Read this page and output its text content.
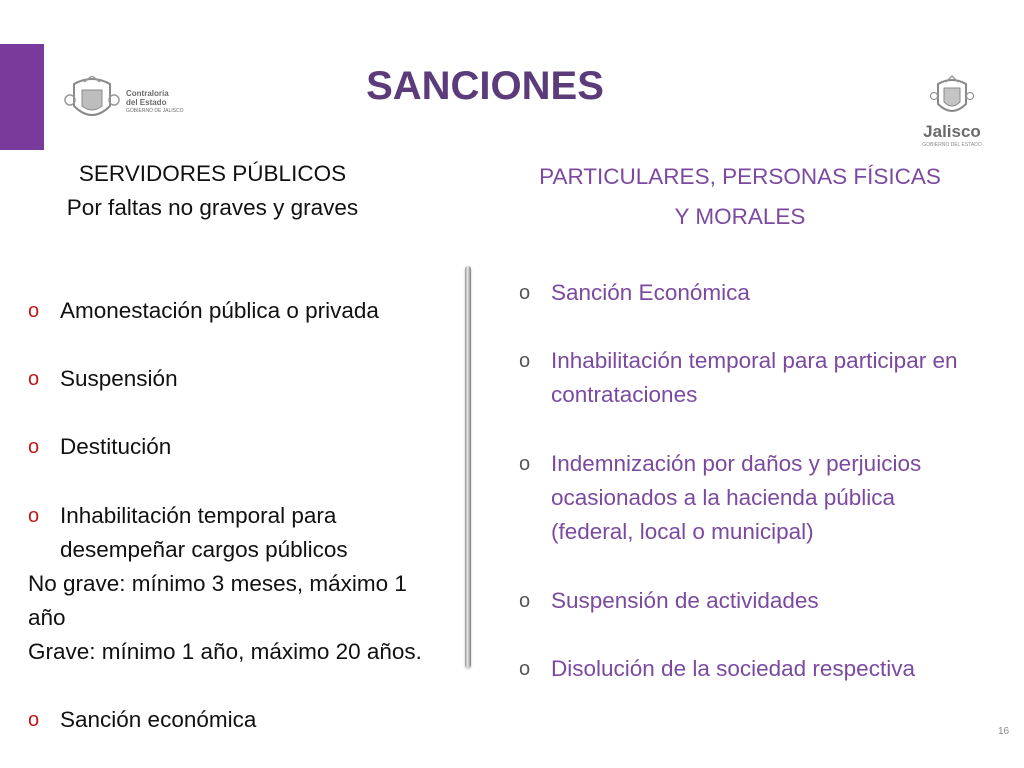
Contraloría
del Estado
GOBIERNO DE JALISCO
SANCIONES
Jalisco
GOBIERNO DEL ESTADO
SERVIDORES PÚBLICOS
Por faltas no graves y graves
PARTICULARES, PERSONAS FÍSICAS
Y MORALES
o Amonestación pública o privada
o Suspensión
o Destitución
o Inhabilitación temporal para desempeñar cargos públicos
No grave: mínimo 3 meses, máximo 1 año
Grave: mínimo 1 año, máximo 20 años.
o Sanción económica
o Sanción Económica
o Inhabilitación temporal para participar en contrataciones
o Indemnización por daños y perjuicios ocasionados a la hacienda pública (federal, local o municipal)
o Suspensión de actividades
o Disolución de la sociedad respectiva
16
